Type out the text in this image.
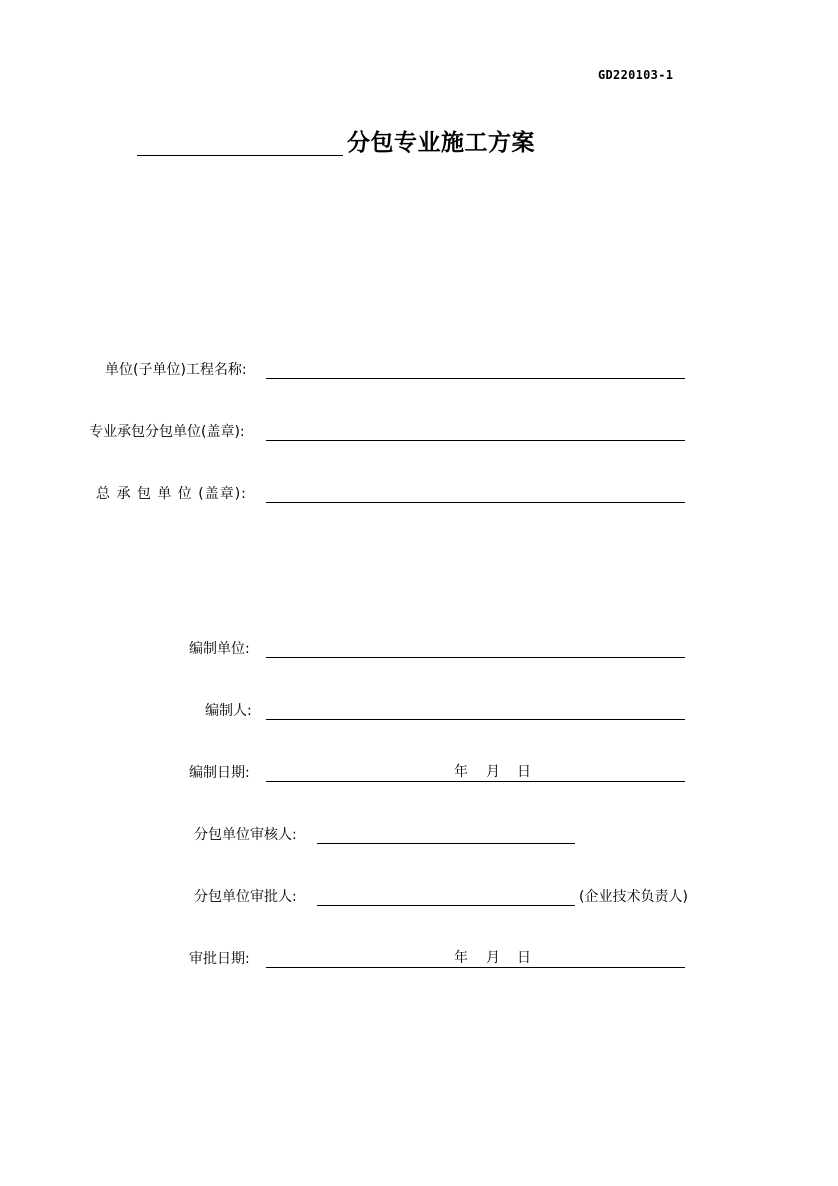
GD220103-1
分包专业施工方案
单位(子单位)工程名称:
专业承包分包单位(盖章):
总 承 包 单 位 (盖章):
编制单位:
编制人:
编制日期:	年 月 日
分包单位审核人:
分包单位审批人:	(企业技术负责人)
审批日期:	年 月 日
